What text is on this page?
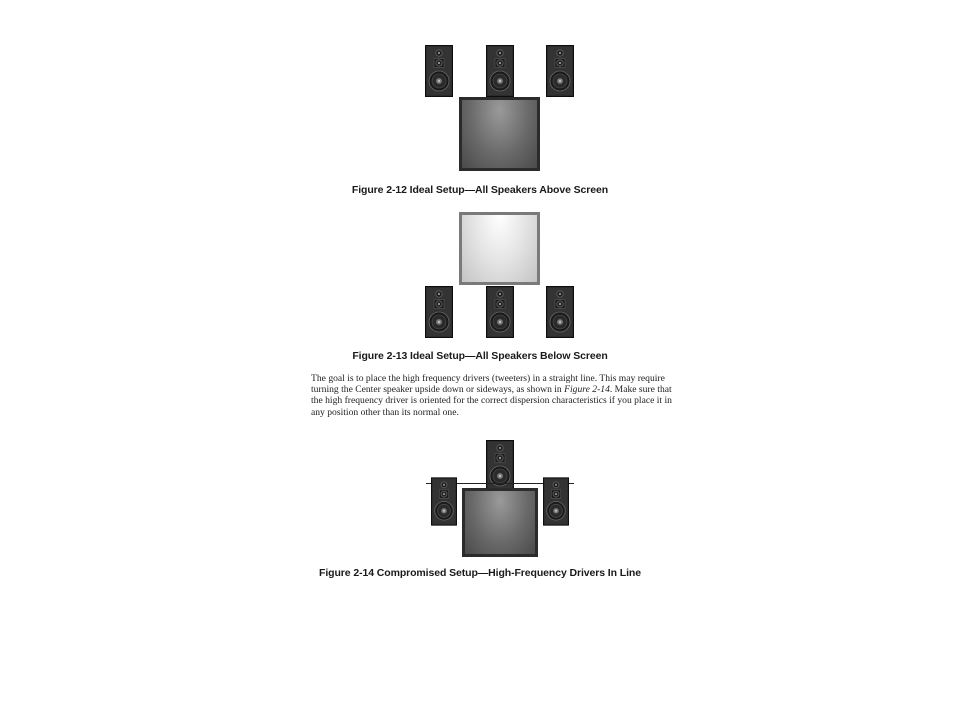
Figure 2-12 Ideal Setup—All Speakers Above Screen
Figure 2-13 Ideal Setup—All Speakers Below Screen

The goal is to place the high frequency drivers (tweeters) in a straight line. This may require turning the Center speaker upside down or sideways, as shown in Figure 2-14. Make sure that the high frequency driver is oriented for the correct dispersion characteristics if you place it in any position other than its normal one.

Figure 2-14 Compromised Setup—High-Frequency Drivers In Line
